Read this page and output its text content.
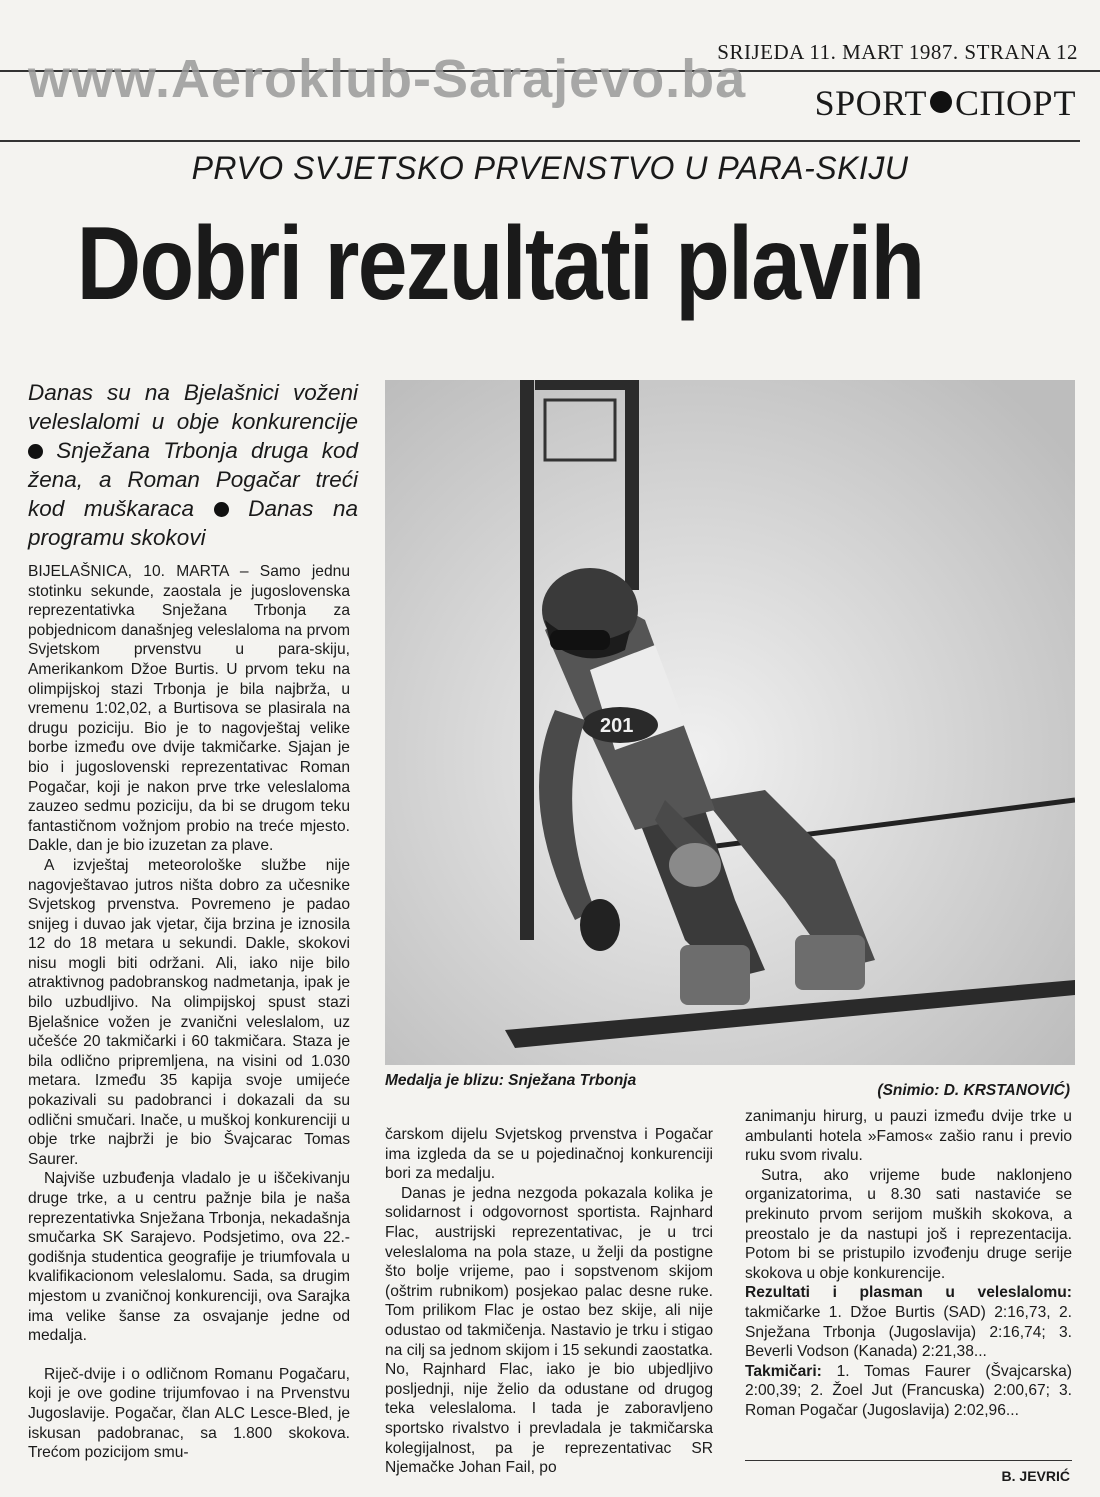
SRIJEDA 11. MART 1987. STRANA 12
www.Aeroklub-Sarajevo.ba SPORT СПОРТ
PRVO SVJETSKO PRVENSTVO U PARA-SKIJU
Dobri rezultati plavih
Danas su na Bjelašnici voženi veleslalomi u obje konkurencije  Snježana Trbonja druga kod žena, a Roman Pogačar treći kod muškaraca Danas na programu skokovi

BIJELAŠNICA, 10. MARTA – Samo jednu stotinku sekunde, zaostala je jugoslovenska reprezentativka Snježana Trbonja za pobjednicom današnjeg veleslaloma na prvom Svjetskom prvenstvu u para-skiju, Amerikankom Džoe Burtis. U prvom teku na olimpijskoj stazi Trbonja je bila najbrža, u vremenu 1:02,02, a Burtisova se plasirala na drugu poziciju. Bio je to nagovještaj velike borbe između ove dvije takmičarke. Sjajan je bio i jugoslovenski reprezentativac Roman Pogačar, koji je nakon prve trke veleslaloma zauzeo sedmu poziciju, da bi se drugom teku fantastičnom vožnjom probio na treće mjesto. Dakle, dan je bio izuzetan za plave.

A izvještaj meteorološke službe nije nagovještavao jutros ništa dobro za učesnike Svjetskog prvenstva. Povremeno je padao snijeg i duvao jak vjetar, čija brzina je iznosila 12 do 18 metara u sekundi. Dakle, skokovi nisu mogli biti održani. Ali, iako nije bilo atraktivnog padobranskog nadmetanja, ipak je bilo uzbudljivo. Na olimpijskoj spust stazi Bjelašnice vožen je zvanični veleslalom, uz učešće 20 takmičarki i 60 takmičara. Staza je bila odlično pripremljena, na visini od 1.030 metara. Između 35 kapija svoje umijeće pokazivali su padobranci i dokazali da su odlični smučari. Inače, u muškoj konkurenciji u obje trke najbrži je bio Švajcarac Tomas Saurer.

Najviše uzbuđenja vladalo je u iščekivanju druge trke, a u centru pažnje bila je naša reprezentativka Snježana Trbonja, nekadašnja smučarka SK Sarajevo. Podsjetimo, ova 22.-godišnja studentica geografije je triumfovala u kvalifikacionom veleslalomu. Sada, sa drugim mjestom u zvaničnoj konkurenciji, ova Sarajka ima velike šanse za osvajanje jedne od medalja.

Riječ-dvije i o odličnom Romanu Pogačaru, koji je ove godine trijumfovao i na Prvenstvu Jugoslavije. Pogačar, član ALC Lesce-Bled, je iskusan padobranac, sa 1.800 skokova. Trećom pozicijom smu-

201
Medalja je blizu: Snježana Trbonja
(Snimio: D. KRSTANOVIĆ)

čarskom dijelu Svjetskog prvenstva i Pogačar ima izgleda da se u pojedinačnoj konkurenciji bori za medalju.

Danas je jedna nezgoda pokazala kolika je solidarnost i odgovornost sportista. Rajnhard Flac, austrijski reprezentativac, je u trci veleslaloma na pola staze, u želji da postigne što bolje vrijeme, pao i sopstvenom skijom (oštrim rubnikom) posjekao palac desne ruke. Tom prilikom Flac je ostao bez skije, ali nije odustao od takmičenja. Nastavio je trku i stigao na cilj sa jednom skijom i 15 sekundi zaostatka. No, Rajnhard Flac, iako je bio ubjedljivo posljednji, nije želio da odustane od drugog teka veleslaloma. I tada je zaboravljeno sportsko rivalstvo i prevladala je takmičarska kolegijalnost, pa je reprezentativac SR Njemačke Johan Fail, po

zanimanju hirurg, u pauzi između dvije trke u ambulanti hotela »Famos« zašio ranu i previo ruku svom rivalu.

Sutra, ako vrijeme bude naklonjeno organizatorima, u 8.30 sati nastaviće se prekinuto prvom serijom muških skokova, a preostalo je da nastupi još i reprezentacija. Potom bi se pristupilo izvođenju druge serije skokova u obje konkurencije.

Rezultati i plasman u veleslalomu: takmičarke 1. Džoe Burtis (SAD) 2:16,73, 2. Snježana Trbonja (Jugoslavija) 2:16,74; 3. Beverli Vodson (Kanada) 2:21,38...

Takmičari: 1. Tomas Faurer (Švajcarska) 2:00,39; 2. Žoel Jut (Francuska) 2:00,67; 3. Roman Pogačar (Jugoslavija) 2:02,96...

B. JEVRIĆ
